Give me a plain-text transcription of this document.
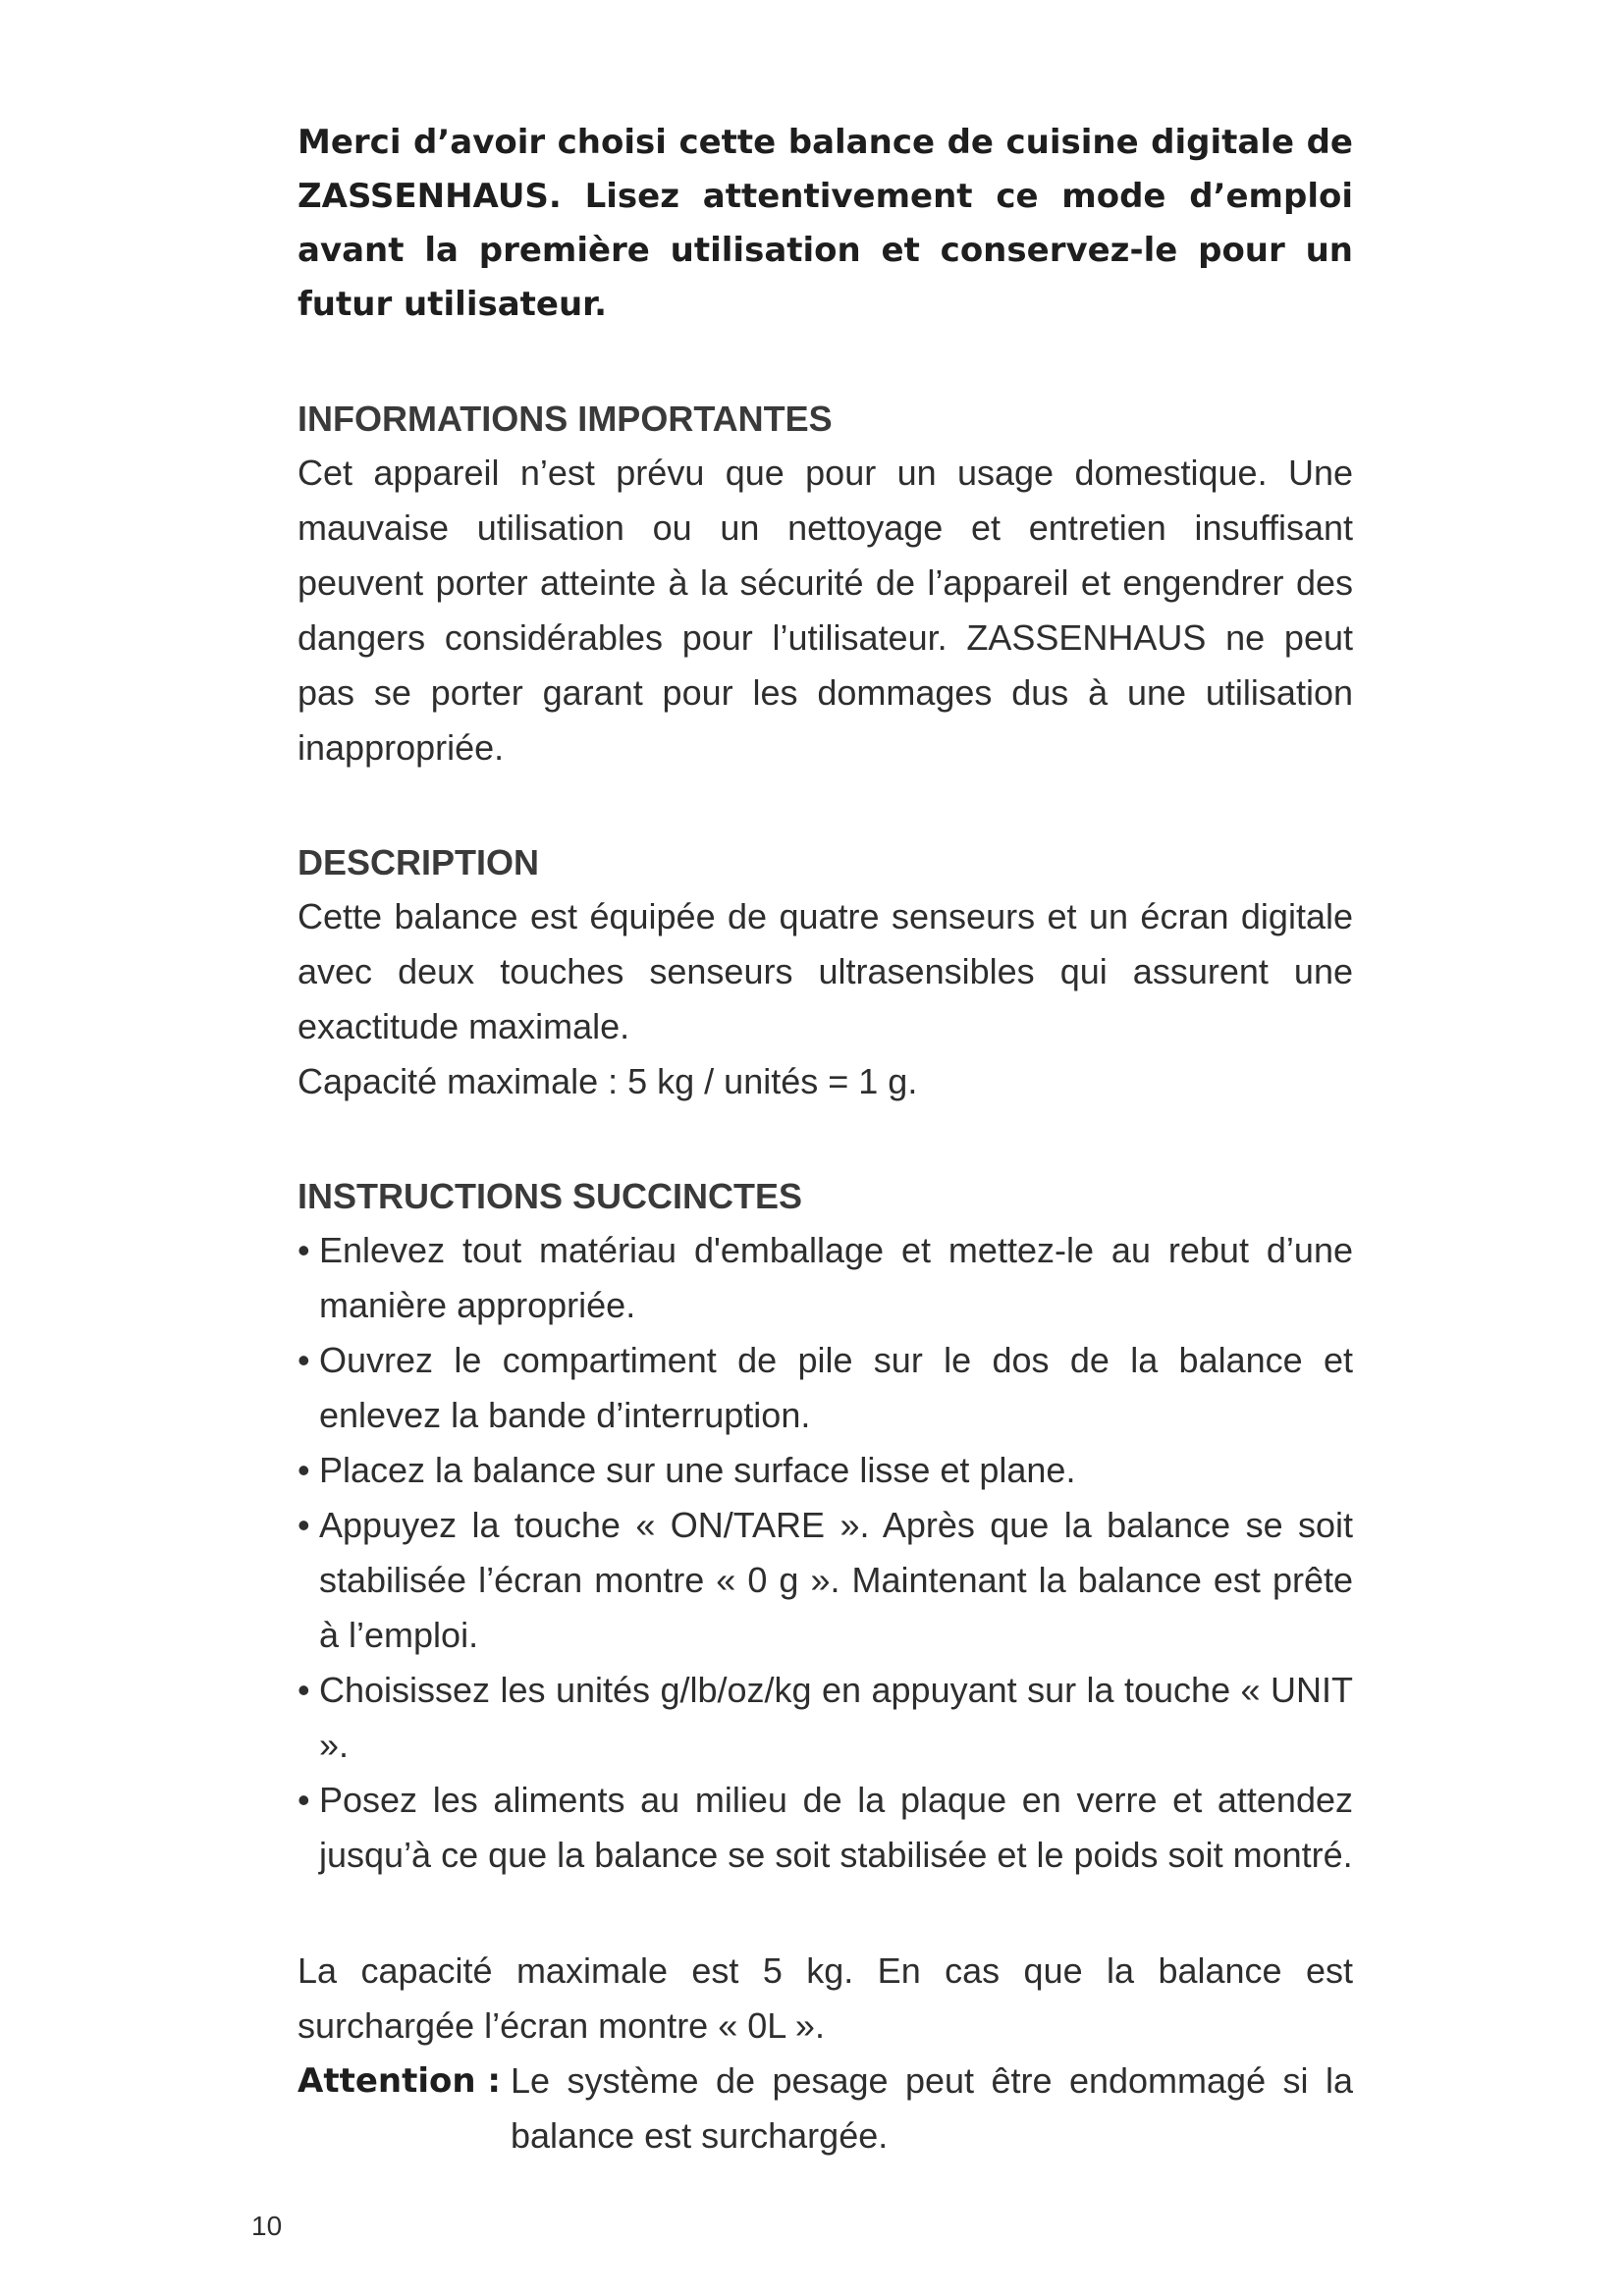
Merci d’avoir choisi cette balance de cuisine digitale de ZASSENHAUS. Lisez attentivement ce mode d’emploi avant la première utilisation et conservez-le pour un futur utilisateur.

INFORMATIONS IMPORTANTES

Cet appareil n’est prévu que pour un usage domestique. Une mauvaise utilisation ou un nettoyage et entretien insuffisant peuvent porter atteinte à la sécurité de l’appareil et engendrer des dangers considérables pour l’utilisateur. ZASSENHAUS ne peut pas se porter garant pour les dommages dus à une utilisation inappropriée.

DESCRIPTION

Cette balance est équipée de quatre senseurs et un écran digitale avec deux touches senseurs ultrasensibles qui assurent une exactitude maximale.

Capacité maximale : 5 kg / unités = 1 g.

INSTRUCTIONS SUCCINCTES
• Enlevez tout matériau d'emballage et mettez-le au rebut d’une manière appropriée.
• Ouvrez le compartiment de pile sur le dos de la balance et enlevez la bande d’interruption.
• Placez la balance sur une surface lisse et plane.
• Appuyez la touche « ON/TARE ». Après que la balance se soit stabilisée l’écran montre « 0 g ». Maintenant la balance est prête à l’emploi.
• Choisissez les unités g/lb/oz/kg en appuyant sur la touche « UNIT ».
• Posez les aliments au milieu de la plaque en verre et attendez jusqu’à ce que la balance se soit stabilisée et le poids soit montré.

La capacité maximale est 5 kg. En cas que la balance est surchargée l’écran montre « 0L ».

Attention : Le système de pesage peut être endommagé si la balance est surchargée.
10
